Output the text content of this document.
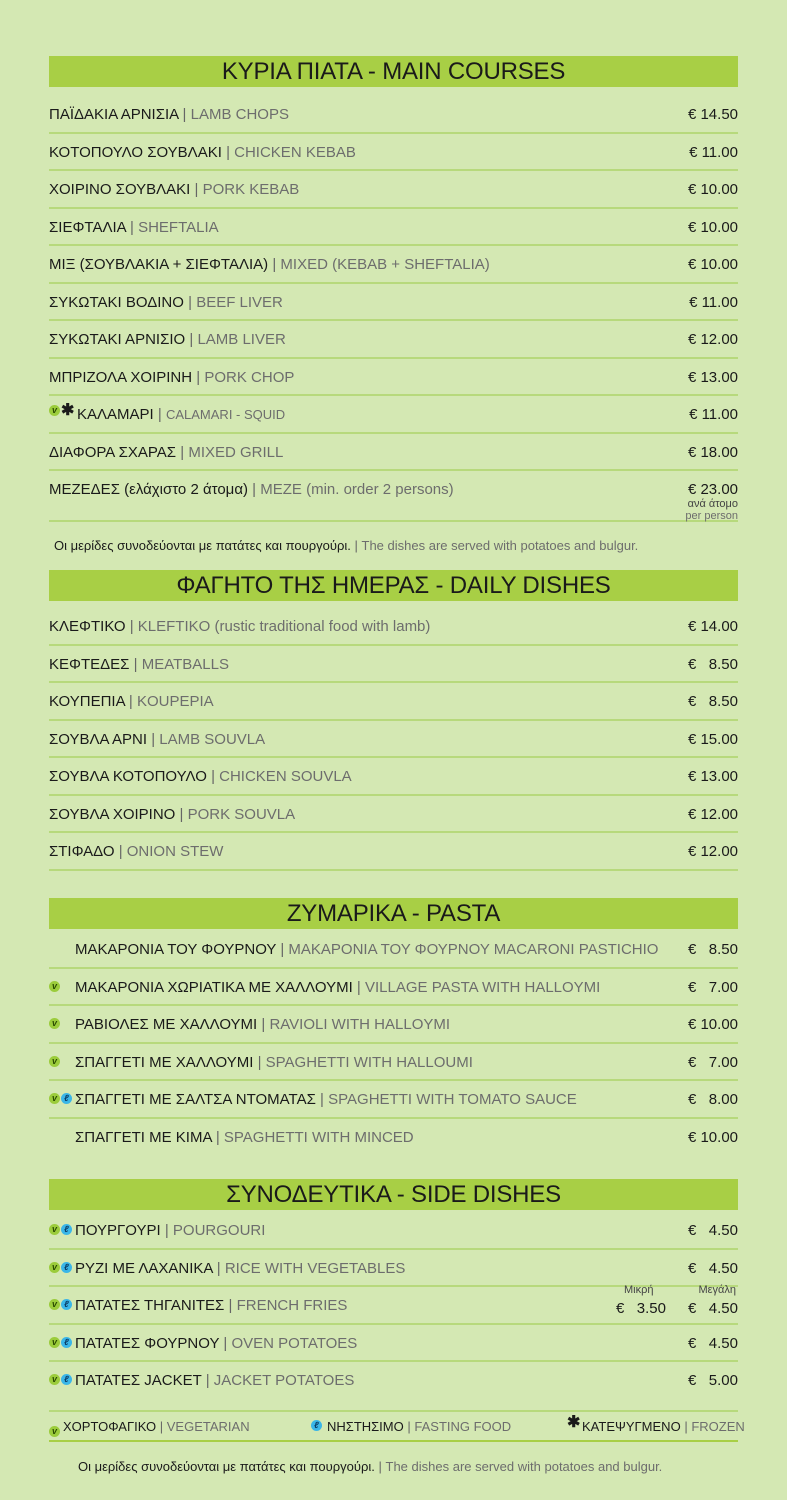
ΚΥΡΙΑ ΠΙΑΤΑ - MAIN COURSES
ΠΑΪΔΑΚΙΑ ΑΡΝΙΣΙΑ | LAMB CHOPS	€ 14.50
ΚΟΤΟΠΟΥΛΟ ΣΟΥΒΛΑΚΙ | CHICKEN KEBAB	€ 11.00
ΧΟΙΡΙΝΟ ΣΟΥΒΛΑΚΙ | PORK KEBAB	€ 10.00
ΣΙΕΦΤΑΛΙΑ | SHEFTALIA	€ 10.00
ΜΙΞ (ΣΟΥΒΛΑΚΙΑ + ΣΙΕΦΤΑΛΙΑ) | MIXED (KEBAB + SHEFTALIA)	€ 10.00
ΣΥΚΩΤΑΚΙ ΒΟΔΙΝΟ | BEEF LIVER	€ 11.00
ΣΥΚΩΤΑΚΙ ΑΡΝΙΣΙΟ | LAMB LIVER	€ 12.00
ΜΠΡΙΖΟΛΑ ΧΟΙΡΙΝΗ | PORK CHOP	€ 13.00
v ✱ ΚΑΛΑΜΑΡΙ | CALAMARI - SQUID	€ 11.00
ΔΙΑΦΟΡΑ ΣΧΑΡΑΣ | MIXED GRILL	€ 18.00
ΜΕΖΕΔΕΣ (ελάχιστο 2 άτομα) | MEZE (min. order 2 persons)	€ 23.00
ανά άτομο
per person
Οι μερίδες συνοδεύονται με πατάτες και πουργούρι. | The dishes are served with potatoes and bulgur.
ΦΑΓΗΤΟ ΤΗΣ ΗΜΕΡΑΣ - DAILY DISHES
ΚΛΕΦΤΙΚΟ | KLEFTIKO (rustic traditional food with lamb)	€ 14.00
ΚΕΦΤΕΔΕΣ | MEATBALLS	€   8.50
ΚΟΥΠΕΠΙΑ | KOUPEPIA	€   8.50
ΣΟΥΒΛΑ ΑΡΝΙ | LAMB SOUVLA	€ 15.00
ΣΟΥΒΛΑ ΚΟΤΟΠΟΥΛΟ | CHICKEN SOUVLA	€ 13.00
ΣΟΥΒΛΑ ΧΟΙΡΙΝΟ | PORK SOUVLA	€ 12.00
ΣΤΙΦΑΔΟ | ONION STEW	€ 12.00
ΖΥΜΑΡΙΚΑ - PASTA
ΜΑΚΑΡΟΝΙΑ ΤΟΥ ΦΟΥΡΝΟΥ | ΜΑΚΑΡΟΝΙΑ ΤΟΥ ΦΟΥΡΝΟΥ MACARONI PASTICHIO €   8.50
v ΜΑΚΑΡΟΝΙΑ ΧΩΡΙΑΤΙΚΑ ΜΕ ΧΑΛΛΟΥΜΙ | VILLAGE PASTA WITH HALLOYMI	€   7.00
v ΡΑΒΙΟΛΕΣ ΜΕ ΧΑΛΛΟΥΜΙ | RAVIOLI WITH HALLOYMI	€ 10.00
v ΣΠΑΓΓΕΤΙ ΜΕ ΧΑΛΛΟΥΜΙ | SPAGHETTI WITH HALLOUMI	€   7.00
v ℓ ΣΠΑΓΓΕΤΙ ΜΕ ΣΑΛΤΣΑ ΝΤΟΜΑΤΑΣ | SPAGHETTI WITH TOMATO SAUCE	€   8.00
ΣΠΑΓΓΕΤΙ ΜΕ ΚΙΜΑ | SPAGHETTI WITH MINCED	€ 10.00
ΣΥΝΟΔΕΥΤΙΚΑ - SIDE DISHES
v ℓ ΠΟΥΡΓΟΥΡΙ | POURGOURI	€   4.50
v ℓ ΡΥΖΙ ΜΕ ΛΑΧΑΝΙΚΑ | RICE WITH VEGETABLES	€   4.50
Μικρή	Μεγάλη
v ℓ ΠΑΤΑΤΕΣ ΤΗΓΑΝΙΤΕΣ | FRENCH FRIES	€   3.50 €   4.50
v ℓ ΠΑΤΑΤΕΣ ΦΟΥΡΝΟΥ | OVEN POTATOES	€   4.50
v ℓ ΠΑΤΑΤΕΣ JACKET | JACKET POTATOES	€   5.00
v ΧΟΡΤΟΦΑΓΙΚΟ | VEGETARIAN	ℓ ΝΗΣΤΗΣΙΜΟ | FASTING FOOD	✱ ΚΑΤΕΨΥΓΜΕΝΟ | FROZEN
Οι μερίδες συνοδεύονται με πατάτες και πουργούρι. | The dishes are served with potatoes and bulgur.
